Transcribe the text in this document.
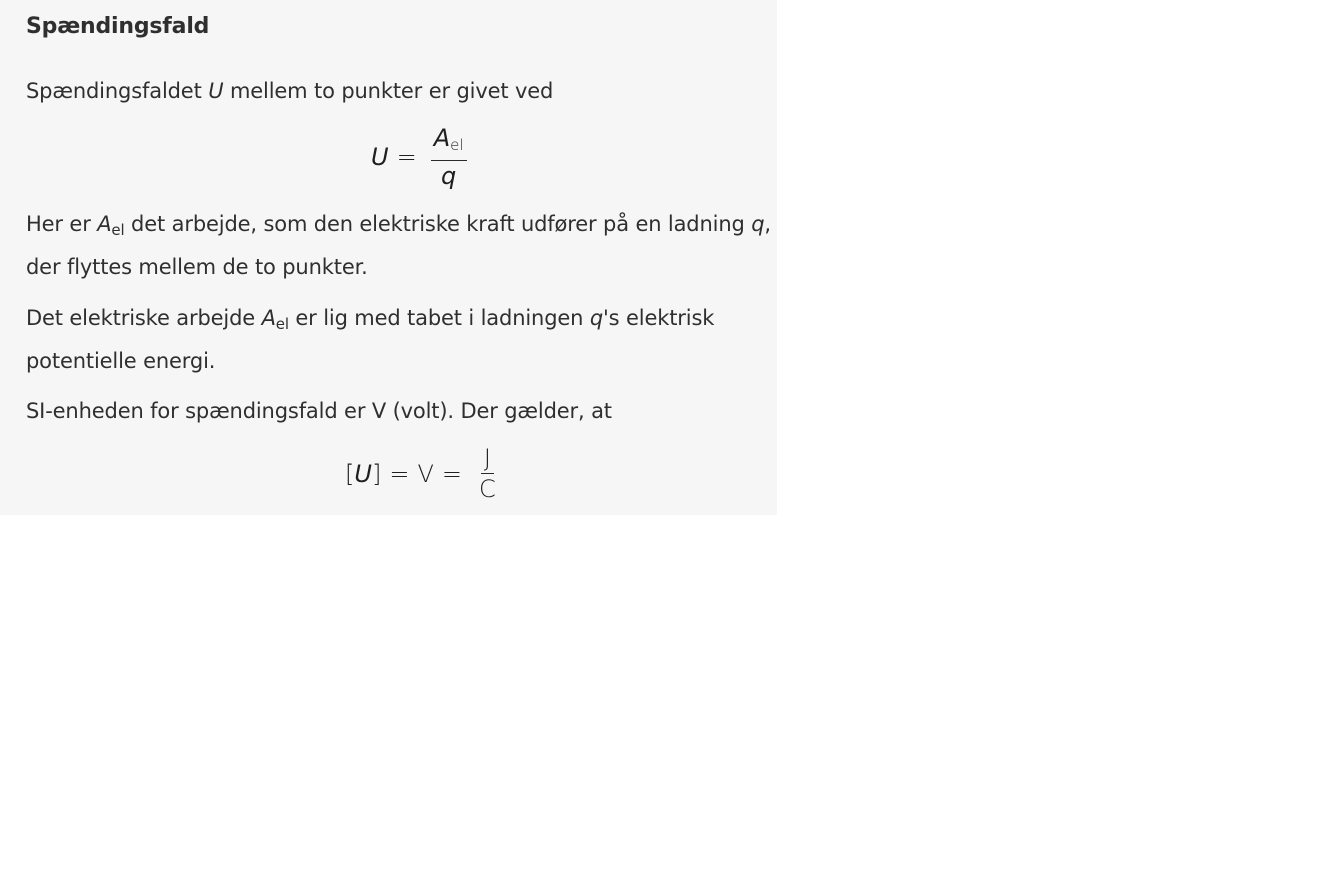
Spændingsfald

Spændingsfaldet U mellem to punkter er givet ved

$U = \frac{A_{el}}{q}$

Her er $A_{el}$ det arbejde, som den elektriske kraft udfører på en ladning q, der flyttes mellem de to punkter.

Det elektriske arbejde $A_{el}$ er lig med tabet i ladningen q's elektrisk potentielle energi.

SI-enheden for spændingsfald er V (volt). Der gælder, at

[ U ] = $V = \frac{J}{C}$
